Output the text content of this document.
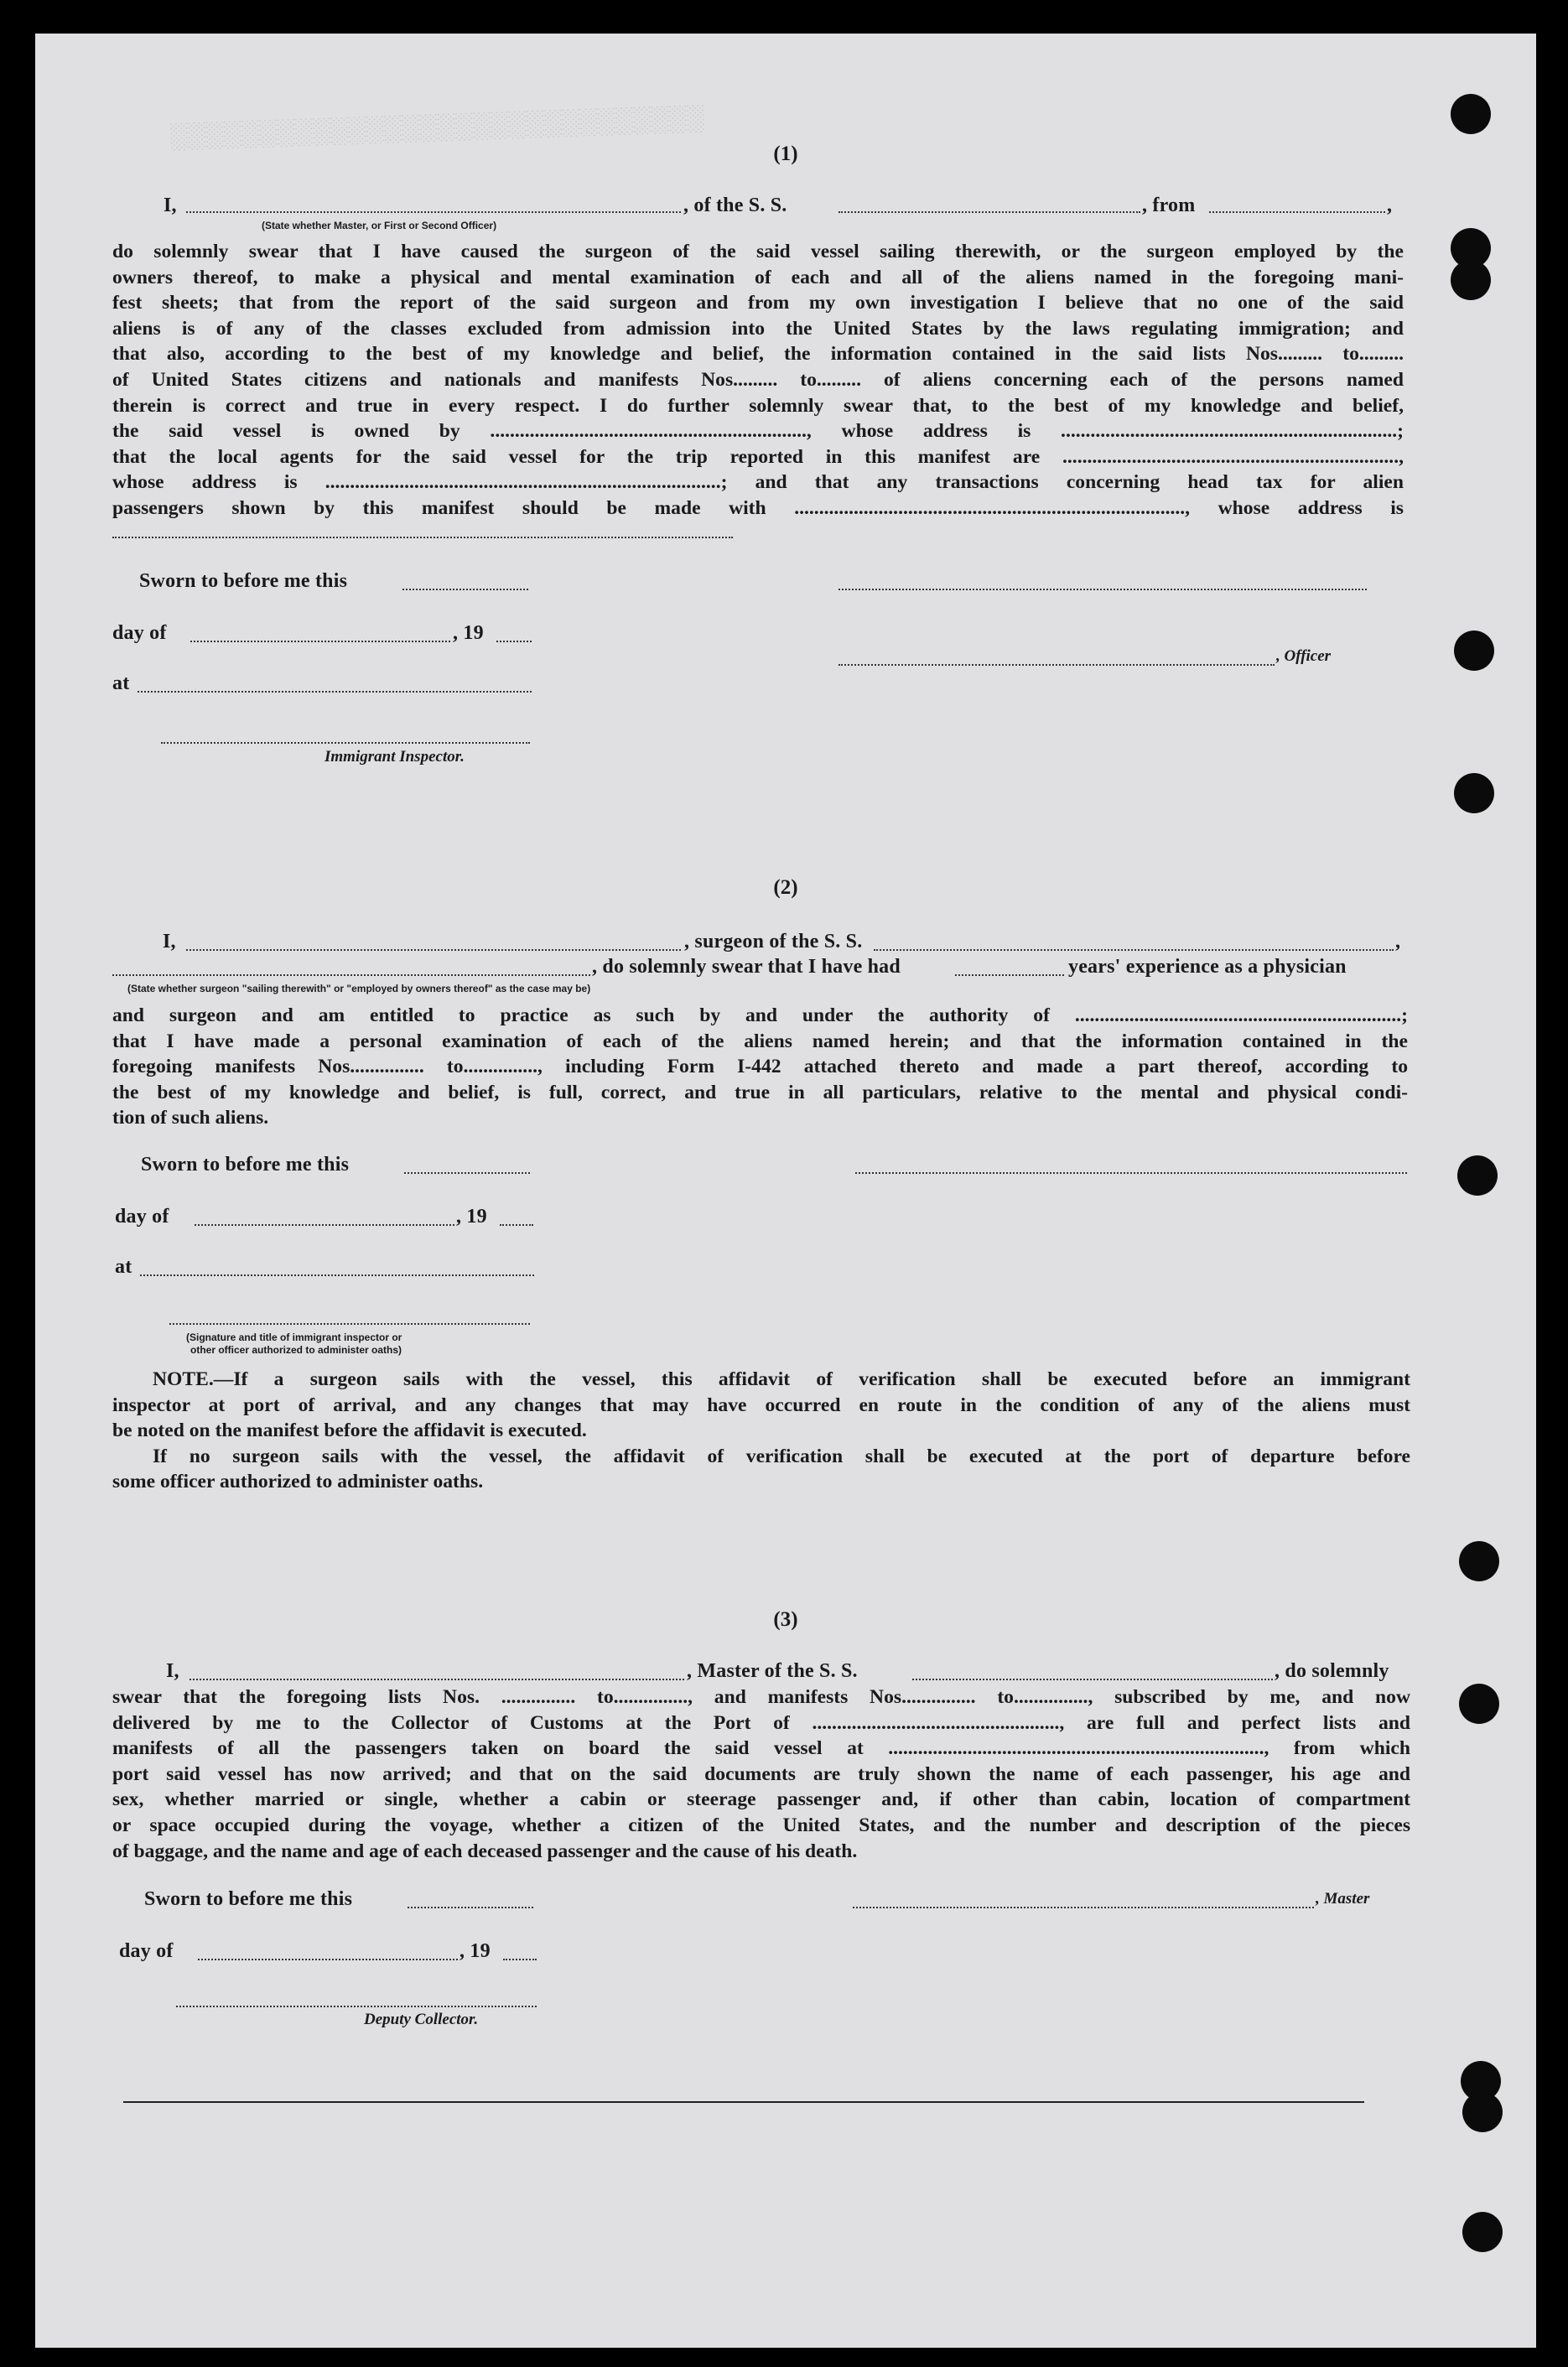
░░░░░░░░░░░░░░░░░░░░░░░░░░░░░░
(1)
I,	, of the S. S.	, from	,
(State whether Master, or First or Second Officer)
do solemnly swear that I have caused the surgeon of the said vessel sailing therewith, or the surgeon employed by the
owners thereof, to make a physical and mental examination of each and all of the aliens named in the foregoing mani-
fest sheets; that from the report of the said surgeon and from my own investigation I believe that no one of the said
aliens is of any of the classes excluded from admission into the United States by the laws regulating immigration; and
that also, according to the best of my knowledge and belief, the information contained in the said lists Nos......... to.........
of United States citizens and nationals and manifests Nos......... to......... of aliens concerning each of the persons named
therein is correct and true in every respect. I do further solemnly swear that, to the best of my knowledge and belief,
the said vessel is owned by ................................................................, whose address is ....................................................................;
that the local agents for the said vessel for the trip reported in this manifest are ....................................................................,
whose address is ................................................................................; and that any transactions concerning head tax for alien
passengers shown by this manifest should be made with ..............................................................................., whose address is
Sworn to before me this
day of	, 19
, Officer
at
Immigrant Inspector.
(2)
I,	, surgeon of the S. S.	,
, do solemnly swear that I have had	years' experience as a physician
(State whether surgeon "sailing therewith" or "employed by owners thereof" as the case may be)
and surgeon and am entitled to practice as such by and under the authority of ..................................................................;
that I have made a personal examination of each of the aliens named herein; and that the information contained in the
foregoing manifests Nos............... to..............., including Form I-442 attached thereto and made a part thereof, according to
the best of my knowledge and belief, is full, correct, and true in all particulars, relative to the mental and physical condi-
tion of such aliens.
Sworn to before me this
day of	, 19
at
(Signature and title of immigrant inspector or
other officer authorized to administer oaths)
NOTE.—If a surgeon sails with the vessel, this affidavit of verification shall be executed before an immigrant
inspector at port of arrival, and any changes that may have occurred en route in the condition of any of the aliens must
be noted on the manifest before the affidavit is executed.
If no surgeon sails with the vessel, the affidavit of verification shall be executed at the port of departure before
some officer authorized to administer oaths.
(3)
I,	, Master of the S. S.	, do solemnly
swear that the foregoing lists Nos. ............... to..............., and manifests Nos............... to..............., subscribed by me, and now
delivered by me to the Collector of Customs at the Port of .................................................., are full and perfect lists and
manifests of all the passengers taken on board the said vessel at ............................................................................, from which
port said vessel has now arrived; and that on the said documents are truly shown the name of each passenger, his age and
sex, whether married or single, whether a cabin or steerage passenger and, if other than cabin, location of compartment
or space occupied during the voyage, whether a citizen of the United States, and the number and description of the pieces
of baggage, and the name and age of each deceased passenger and the cause of his death.
Sworn to before me this	, Master
day of	, 19
Deputy Collector.
